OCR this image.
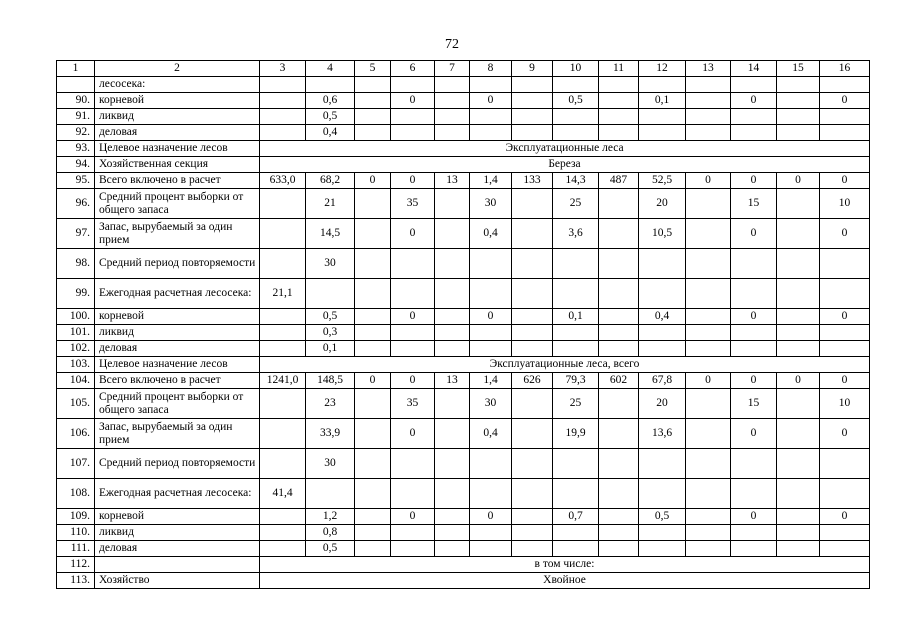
72
1	2	3	4	5	6	7	8	9	10	11	12	13	14	15	16
	лесосека:														
90.	корневой		0,6		0		0		0,5		0,1		0		0
91.	ликвид		0,5												
92.	деловая		0,4												
93.	Целевое назначение лесов	Эксплуатационные леса													
94.	Хозяйственная секция	Береза													
95.	Всего включено в расчет	633,0	68,2	0	0	13	1,4	133	14,3	487	52,5	0	0	0	0
96.	Средний процент выборки от общего запаса		21		35		30		25		20		15		10
97.	Запас, вырубаемый за один прием		14,5		0		0,4		3,6		10,5		0		0
98.	Средний период повторяемости		30												
99.	Ежегодная расчетная лесосека:	21,1													
100.	корневой		0,5		0		0		0,1		0,4		0		0
101.	ликвид		0,3												
102.	деловая		0,1												
103.	Целевое назначение лесов	Эксплуатационные леса, всего													
104.	Всего включено в расчет	1241,0	148,5	0	0	13	1,4	626	79,3	602	67,8	0	0	0	0
105.	Средний процент выборки от общего запаса		23		35		30		25		20		15		10
106.	Запас, вырубаемый за один прием		33,9		0		0,4		19,9		13,6		0		0
107.	Средний период повторяемости		30												
108.	Ежегодная расчетная лесосека:	41,4													
109.	корневой		1,2		0		0		0,7		0,5		0		0
110.	ликвид		0,8												
111.	деловая		0,5												
112.		в том числе:													
113.	Хозяйство	Хвойное													
